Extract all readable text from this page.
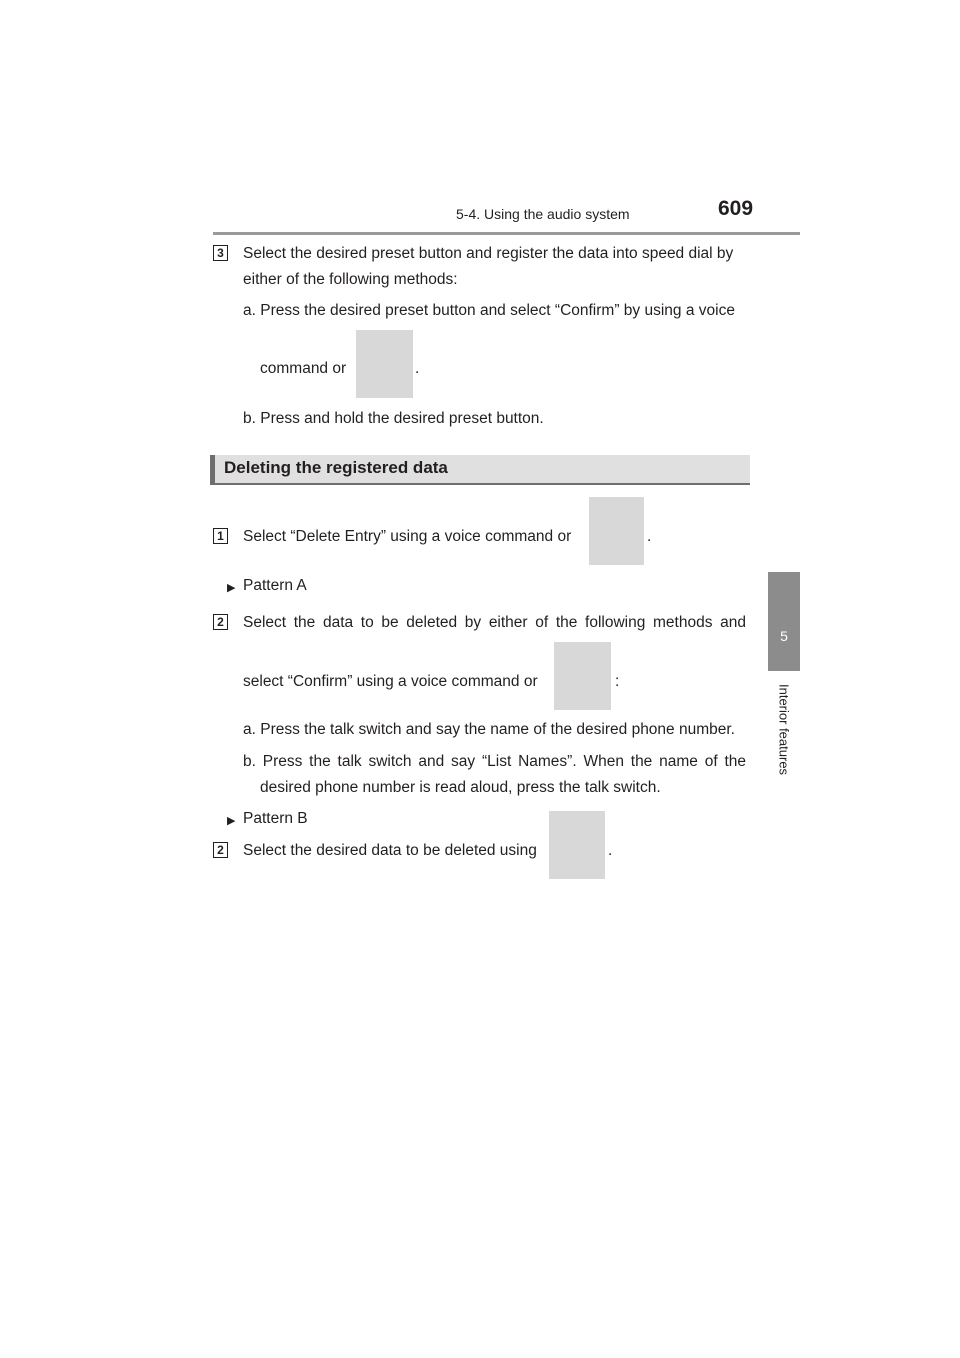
5-4. Using the audio system	609
5
Interior features
3 Select the desired preset button and register the data into speed dial by
either of the following methods:
a. Press the desired preset button and select “Confirm” by using a voice
command or	.
b. Press and hold the desired preset button.
Deleting the registered data
1 Select “Delete Entry” using a voice command or	.
▶ Pattern A
2 Select the data to be deleted by either of the following methods and
select “Confirm” using a voice command or	:
a. Press the talk switch and say the name of the desired phone number.
b. Press the talk switch and say “List Names”. When the name of the
desired phone number is read aloud, press the talk switch.
▶ Pattern B
2 Select the desired data to be deleted using	.
